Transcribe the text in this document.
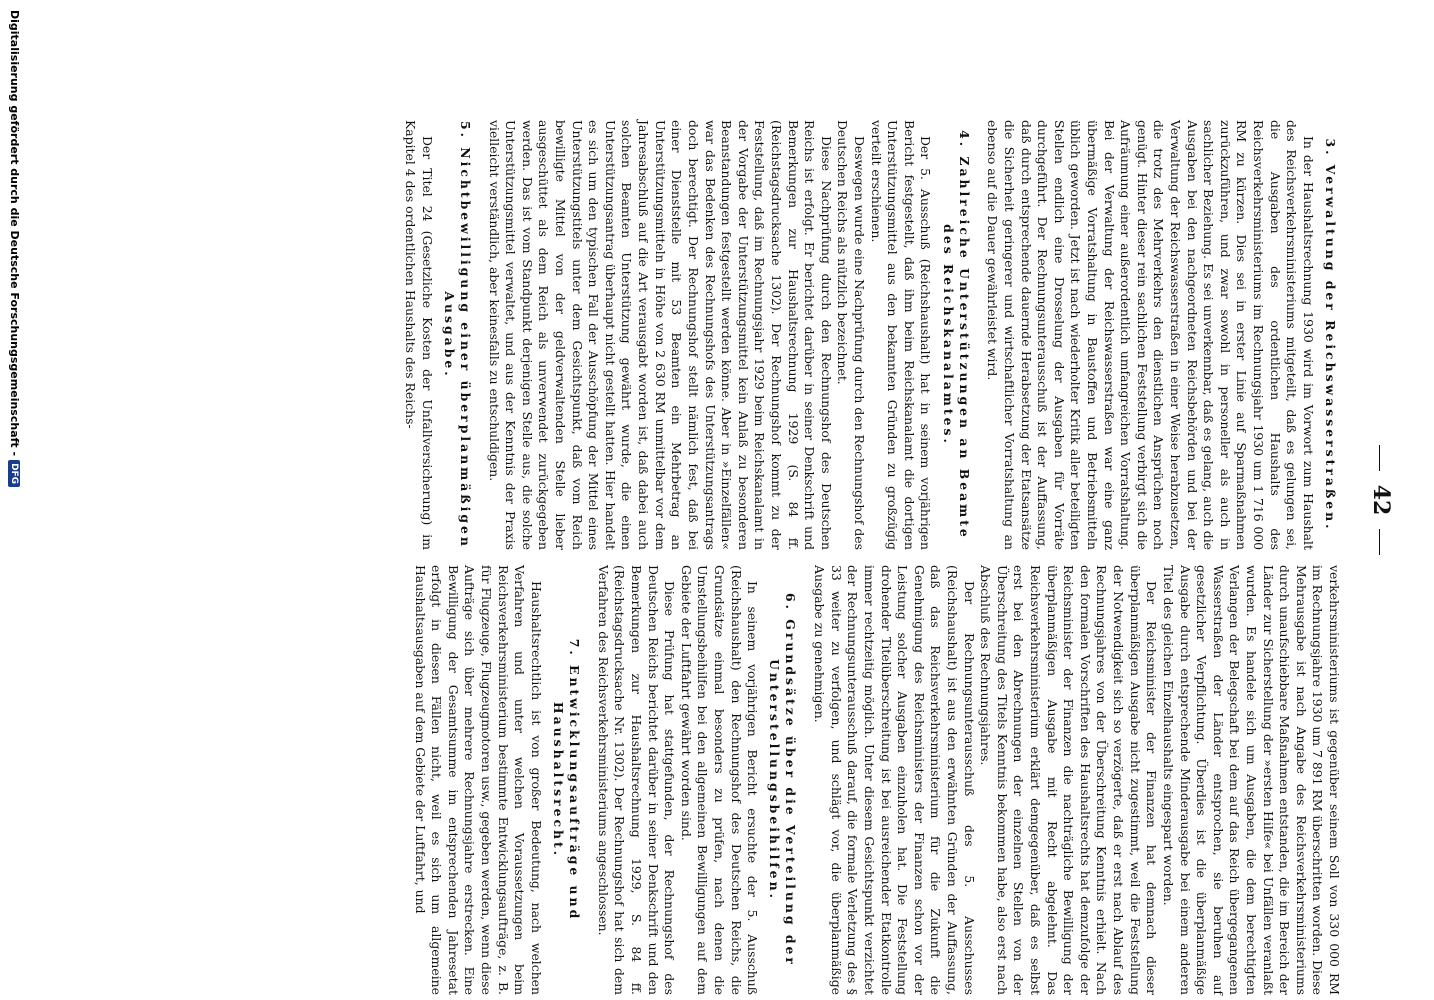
42
3. Verwaltung der Reichswasserstraßen.

In der Haushaltsrechnung 1930 wird im Vorwort zum Haushalt des Reichsverkehrsministeriums mitgeteilt, daß es gelungen sei, die Ausgaben des ordentlichen Haushalts des Reichsverkehrsministeriums im Rechnungsjahr 1930 um 1 716 000 RM zu kürzen. Dies sei in erster Linie auf Sparmaßnahmen zurückzuführen, und zwar sowohl in personeller als auch in sachlicher Beziehung. Es sei unverkennbar, daß es gelang, auch die Ausgaben bei den nachgeordneten Reichsbehörden und bei der Verwaltung der Reichswasserstraßen in einer Weise herabzusetzen, die trotz des Mehrverkehrs den dienstlichen Ansprüchen noch genügt. Hinter dieser rein sachlichen Feststellung verbirgt sich die Aufräumung einer außerordentlich umfangreichen Vorratshaltung. Bei der Verwaltung der Reichswasserstraßen war eine ganz übermäßige Vorratshaltung in Baustoffen und Betriebsmitteln üblich geworden. Jetzt ist nach wiederholter Kritik aller beteiligten Stellen endlich eine Drosselung der Ausgaben für Vorräte durchgeführt. Der Rechnungsunterausschuß ist der Auffassung, daß durch entsprechende dauernde Herabsetzung der Etatsansätze die Sicherheit geringerer und wirtschaftlicher Vorratshaltung an ebenso auf die Dauer gewährleistet wird.

4. Zahlreiche Unterstützungen an Beamte des Reichskanalamtes.

Der 5. Ausschuß (Reichshaushalt) hat in seinem vorjährigen Bericht festgestellt, daß ihm beim Reichskanalamt die dortigen Unterstützungsmittel aus den bekannten Gründen zu großzügig verteilt erschienen.

Deswegen wurde eine Nachprüfung durch den Rechnungshof des Deutschen Reichs als nützlich bezeichnet.

Diese Nachprüfung durch den Rechnungshof des Deutschen Reichs ist erfolgt. Er berichtet darüber in seiner Denkschrift und Bemerkungen zur Haushaltsrechnung 1929 (S. 84 ff. (Reichstagsdrucksache 1302). Der Rechnungshof kommt zu der Feststellung, daß im Rechnungsjahr 1929 beim Reichskanalamt in der Vorgabe der Unterstützungsmittel kein Anlaß zu besonderen Beanstandungen festgestellt werden könne. Aber in »Einzelfällen« war das Bedenken des Rechnungshofs des Unterstützungsantrags doch berechtigt. Der Rechnungshof stellt nämlich fest, daß bei einer Dienststelle mit 53 Beamten ein Mehrbetrag an Unterstützungsmitteln in Höhe von 2 630 RM unmittelbar vor dem Jahresabschluß auf die Art verausgabt worden ist, daß dabei auch solchen Beamten Unterstützung gewährt wurde, die einen Unterstützungsantrag überhaupt nicht gestellt hatten. Hier handelt es sich um den typischen Fall der Ausschöpfung der Mittel eines Unterstützungstitels unter dem Gesichtspunkt, daß vom Reich bewilligte Mittel von der geldverwaltenden Stelle lieber ausgeschüttet als dem Reich als unverwendet zurückgegeben werden. Das ist vom Standpunkt derjenigen Stelle aus, die solche Unterstützungsmittel verwaltet, und aus der Kenntnis der Praxis vielleicht verständlich, aber keinesfalls zu entschuldigen.

5. Nichtbewilligung einer überplanmäßigen Ausgabe.

Der Titel 24 (Gesetzliche Kosten der Unfallversicherung) im Kapitel 4 des ordentlichen Haushalts des Reichs-

verkehrsministeriums ist gegenüber seinem Soll von 330 000 RM im Rechnungsjahre 1930 um 7 891 RM überschritten worden. Diese Mehrausgabe ist nach Angabe des Reichsverkehrsministeriums durch unaufschiebbare Maßnahmen entstanden, die im Bereich der Länder zur Sicherstellung der »ersten Hilfe« bei Unfällen veranlaßt wurden. Es handele sich um Ausgaben, die dem berechtigten Verlangen der Belegschaft bei dem auf das Reich übergegangenen Wasserstraßen der Länder entsprochen, sie beruhen auf gesetzlicher Verpflichtung. Überdies ist die überplanmäßige Ausgabe durch entsprechende Minderausgabe bei einem anderen Titel des gleichen Einzelhaushalts eingespart worden.

Der Reichsminister der Finanzen hat demnach dieser überplanmäßigen Ausgabe nicht zugestimmt, weil die Feststellung der Notwendigkeit sich so verzögerte, daß er erst nach Ablauf des Rechnungsjahres von der Überschreitung Kenntnis erhielt. Nach den formalen Vorschriften des Haushaltsrechts hat demzufolge der Reichsminister der Finanzen die nachträgliche Bewilligung der überplanmäßigen Ausgabe mit Recht abgelehnt. Das Reichsverkehrsministerium erklärt demgegenüber, daß es selbst erst bei den Abrechnungen der einzelnen Stellen von der Überschreitung des Titels Kenntnis bekommen habe, also erst nach Abschluß des Rechnungsjahres.

Der Rechnungsunterausschuß des 5. Ausschusses (Reichshaushalt) ist aus den erwähnten Gründen der Auffassung, daß das Reichsverkehrsministerium für die Zukunft die Genehmigung des Reichsministers der Finanzen schon vor der Leistung solcher Ausgaben einzuholen hat. Die Feststellung drohender Titelüberschreitung ist bei ausreichender Etatkontrolle immer rechtzeitig möglich. Unter diesem Gesichtspunkt verzichtet der Rechnungsunterausschuß darauf, die formale Verletzung des § 33 weiter zu verfolgen, und schlägt vor, die überplanmäßige Ausgabe zu genehmigen.

6. Grundsätze über die Verteilung der Unterstellungsbeihilfen.

In seinem vorjährigen Bericht ersuchte der 5. Ausschuß (Reichshaushalt) den Rechnungshof des Deutschen Reichs, die Grundsätze einmal besonders zu prüfen, nach denen die Umstellungsbeihilfen bei den allgemeinen Bewilligungen auf dem Gebiete der Luftfahrt gewährt worden sind.

Diese Prüfung hat stattgefunden, der Rechnungshof des Deutschen Reichs berichtet darüber in seiner Denkschrift und den Bemerkungen zur Haushaltsrechnung 1929, S. 84 ff. (Reichstagsdrucksache Nr. 1302). Der Rechnungshof hat sich dem Verfahren des Reichsverkehrsministeriums angeschlossen.

7. Entwicklungsaufträge und Haushaltsrecht.

Haushaltsrechtlich ist von großer Bedeutung, nach welchen Verfahren und unter welchen Voraussetzungen beim Reichsverkehrsministerium bestimmte Entwicklungsaufträge, z. B. für Flugzeuge, Flugzeugmotoren usw., gegeben werden, wenn diese Aufträge sich über mehrere Rechnungsjahre erstrecken. Eine Bewilligung der Gesamtsumme im entsprechenden Jahresetat erfolgt in diesen Fällen nicht, weil es sich um allgemeine Haushaltsausgaben auf dem Gebiete der Luftfahrt, und

Digitalisierung gefördert durch die Deutsche Forschungsgemeinschaft -
DFG
